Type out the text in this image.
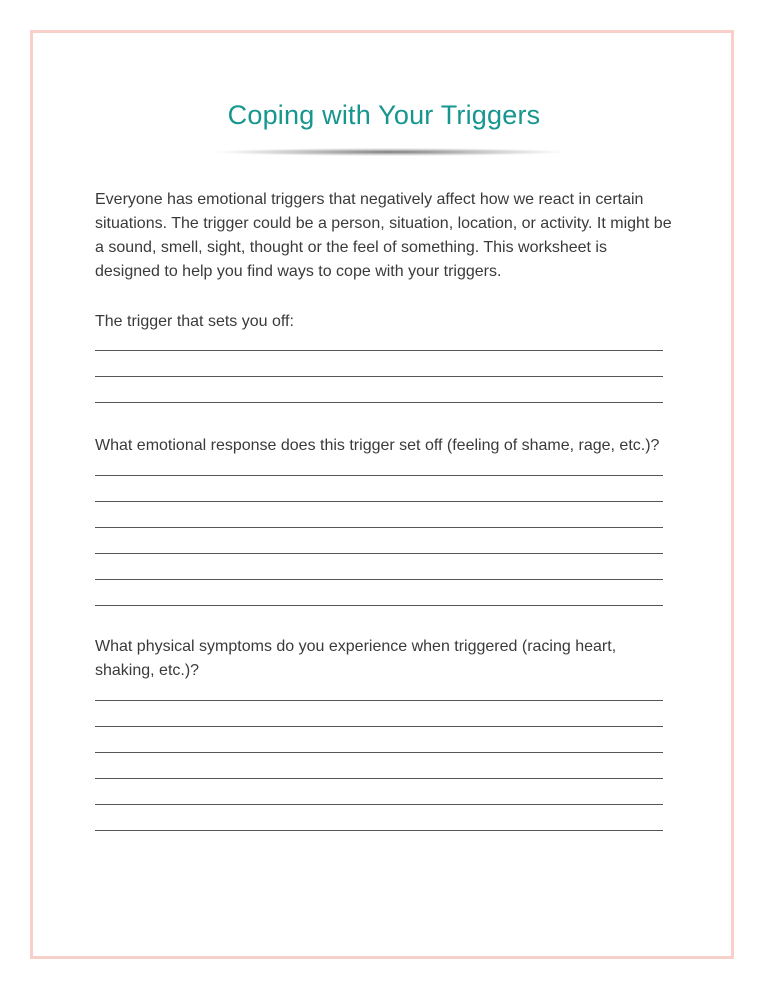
Coping with Your Triggers

Everyone has emotional triggers that negatively affect how we react in certain situations. The trigger could be a person, situation, location, or activity. It might be a sound, smell, sight, thought or the feel of something. This worksheet is designed to help you find ways to cope with your triggers.

The trigger that sets you off:

What emotional response does this trigger set off (feeling of shame, rage, etc.)?

What physical symptoms do you experience when triggered (racing heart, shaking, etc.)?
